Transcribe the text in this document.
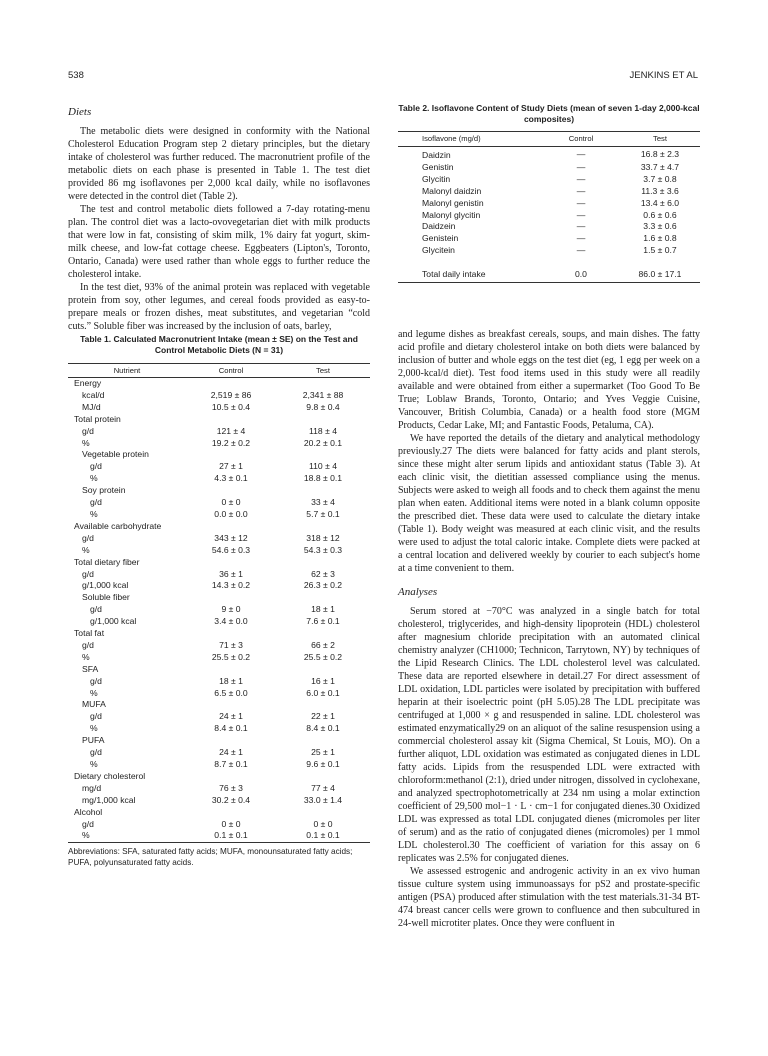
538	JENKINS ET AL
Diets

The metabolic diets were designed in conformity with the National Cholesterol Education Program step 2 dietary principles, but the dietary intake of cholesterol was further reduced. The macronutrient profile of the metabolic diets on each phase is presented in Table 1. The test diet provided 86 mg isoflavones per 2,000 kcal daily, while no isoflavones were detected in the control diet (Table 2).

The test and control metabolic diets followed a 7-day rotating-menu plan. The control diet was a lacto-ovovegetarian diet with milk products that were low in fat, consisting of skim milk, 1% dairy fat yogurt, skim-milk cheese, and low-fat cottage cheese. Eggbeaters (Lipton's, Toronto, Ontario, Canada) were used rather than whole eggs to further reduce the cholesterol intake.

In the test diet, 93% of the animal protein was replaced with vegetable protein from soy, other legumes, and cereal foods provided as easy-to-prepare meals or frozen dishes, meat substitutes, and vegetarian “cold cuts.” Soluble fiber was increased by the inclusion of oats, barley,

Table 1. Calculated Macronutrient Intake (mean ± SE) on the Test and Control Metabolic Diets (N = 31)
Nutrient	Control	Test
Energy		
kcal/d	2,519 ± 86	2,341 ± 88
MJ/d	10.5 ± 0.4	9.8 ± 0.4
Total protein		
g/d	121 ± 4	118 ± 4
%	19.2 ± 0.2	20.2 ± 0.1
Vegetable protein		
g/d	27 ± 1	110 ± 4
%	4.3 ± 0.1	18.8 ± 0.1
Soy protein		
g/d	0 ± 0	33 ± 4
%	0.0 ± 0.0	5.7 ± 0.1
Available carbohydrate		
g/d	343 ± 12	318 ± 12
%	54.6 ± 0.3	54.3 ± 0.3
Total dietary fiber		
g/d	36 ± 1	62 ± 3
g/1,000 kcal	14.3 ± 0.2	26.3 ± 0.2
Soluble fiber		
g/d	9 ± 0	18 ± 1
g/1,000 kcal	3.4 ± 0.0	7.6 ± 0.1
Total fat		
g/d	71 ± 3	66 ± 2
%	25.5 ± 0.2	25.5 ± 0.2
SFA		
g/d	18 ± 1	16 ± 1
%	6.5 ± 0.0	6.0 ± 0.1
MUFA		
g/d	24 ± 1	22 ± 1
%	8.4 ± 0.1	8.4 ± 0.1
PUFA		
g/d	24 ± 1	25 ± 1
%	8.7 ± 0.1	9.6 ± 0.1
Dietary cholesterol		
mg/d	76 ± 3	77 ± 4
mg/1,000 kcal	30.2 ± 0.4	33.0 ± 1.4
Alcohol		
g/d	0 ± 0	0 ± 0
%	0.1 ± 0.1	0.1 ± 0.1
Abbreviations: SFA, saturated fatty acids; MUFA, monounsaturated fatty acids; PUFA, polyunsaturated fatty acids.
Table 2. Isoflavone Content of Study Diets (mean of seven 1-day 2,000-kcal composites)
Isoflavone (mg/d)	Control	Test
Daidzin	—	16.8 ± 2.3
Genistin	—	33.7 ± 4.7
Glycitin	—	3.7 ± 0.8
Malonyl daidzin	—	11.3 ± 3.6
Malonyl genistin	—	13.4 ± 6.0
Malonyl glycitin	—	0.6 ± 0.6
Daidzein	—	3.3 ± 0.6
Genistein	—	1.6 ± 0.8
Glycitein	—	1.5 ± 0.7

Total daily intake	0.0	86.0 ± 17.1

and legume dishes as breakfast cereals, soups, and main dishes. The fatty acid profile and dietary cholesterol intake on both diets were balanced by inclusion of butter and whole eggs on the test diet (eg, 1 egg per week on a 2,000-kcal/d diet). Test food items used in this study were all readily available and were obtained from either a supermarket (Too Good To Be True; Loblaw Brands, Toronto, Ontario; and Yves Veggie Cuisine, Vancouver, British Columbia, Canada) or a health food store (MGM Products, Cedar Lake, MI; and Fantastic Foods, Petaluma, CA).

We have reported the details of the dietary and analytical methodology previously.27 The diets were balanced for fatty acids and plant sterols, since these might alter serum lipids and antioxidant status (Table 3). At each clinic visit, the dietitian assessed compliance using the menus. Subjects were asked to weigh all foods and to check them against the menu plan when eaten. Additional items were noted in a blank column opposite the prescribed diet. These data were used to calculate the dietary intake (Table 1). Body weight was measured at each clinic visit, and the results were used to adjust the total caloric intake. Complete diets were packed at a central location and delivered weekly by courier to each subject's home at a time convenient to them.

Analyses

Serum stored at −70°C was analyzed in a single batch for total cholesterol, triglycerides, and high-density lipoprotein (HDL) cholesterol after magnesium chloride precipitation with an automated clinical chemistry analyzer (CH1000; Technicon, Tarrytown, NY) by techniques of the Lipid Research Clinics. The LDL cholesterol level was calculated. These data are reported elsewhere in detail.27 For direct assessment of LDL oxidation, LDL particles were isolated by precipitation with buffered heparin at their isoelectric point (pH 5.05).28 The LDL precipitate was centrifuged at 1,000 × g and resuspended in saline. LDL cholesterol was estimated enzymatically29 on an aliquot of the saline resuspension using a commercial cholesterol assay kit (Sigma Chemical, St Louis, MO). On a further aliquot, LDL oxidation was estimated as conjugated dienes in LDL fatty acids. Lipids from the resuspended LDL were extracted with chloroform:methanol (2:1), dried under nitrogen, dissolved in cyclohexane, and analyzed spectrophotometrically at 234 nm using a molar extinction coefficient of 29,500 mol−1 · L · cm−1 for conjugated dienes.30 Oxidized LDL was expressed as total LDL conjugated dienes (micromoles per liter of serum) and as the ratio of conjugated dienes (micromoles) per 1 mmol LDL cholesterol.30 The coefficient of variation for this assay on 6 replicates was 2.5% for conjugated dienes.

We assessed estrogenic and androgenic activity in an ex vivo human tissue culture system using immunoassays for pS2 and prostate-specific antigen (PSA) produced after stimulation with the test materials.31-34 BT-474 breast cancer cells were grown to confluence and then subcultured in 24-well microtiter plates. Once they were confluent in
